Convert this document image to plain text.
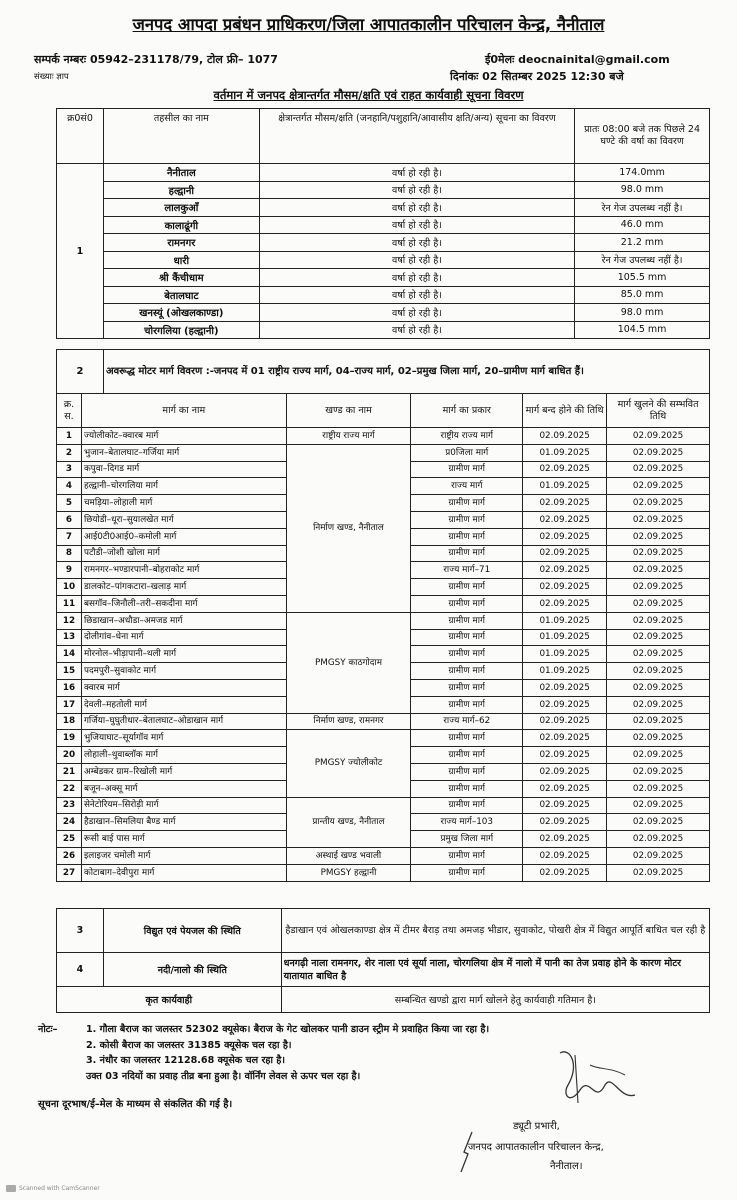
जनपद आपदा प्रबंधन प्राधिकरण/जिला आपातकालीन परिचालन केन्द्र, नैनीताल
सम्पर्क नम्बरः 05942–231178/79, टोल फ्री– 1077	ई0मेलः deocnainital@gmail.com
संख्याः ज्ञाप	दिनांकः 02 सितम्बर 2025 12:30 बजे
वर्तमान में जनपद क्षेत्रान्तर्गत मौसम/क्षति एवं राहत कार्यवाही सूचना विवरण
क्र0सं0	तहसील का नाम	क्षेत्रान्तर्गत मौसम/क्षति (जनहानि/पशुहानि/आवासीय क्षति/अन्य) सूचना का विवरण	प्रातः 08:00 बजे तक पिछले 24 घण्टे की वर्षा का विवरण
1	नैनीताल	वर्षा हो रही है।	174.0mm
	हल्द्वानी	वर्षा हो रही है।	98.0 mm
	लालकुऑं	वर्षा हो रही है।	रेन गेज उपलब्ध नहीं है।
	कालाढूंगी	वर्षा हो रही है।	46.0 mm
	रामनगर	वर्षा हो रही है।	21.2 mm
	धारी	वर्षा हो रही है।	रेन गेज उपलब्ध नहीं है।
	श्री कैंचीधाम	वर्षा हो रही है।	105.5 mm
	बेतालघाट	वर्षा हो रही है।	85.0 mm
	खनस्यूं (ओखलकाण्डा)	वर्षा हो रही है।	98.0 mm
	चोरगलिया (हल्द्वानी)	वर्षा हो रही है।	104.5 mm
2	अवरूद्ध मोटर मार्ग विवरण :-जनपद में 01 राष्ट्रीय राज्य मार्ग, 04–राज्य मार्ग, 02–प्रमुख जिला मार्ग, 20–ग्रामीण मार्ग बाधित हैं।
क्र. स.	मार्ग का नाम	खण्ड का नाम	मार्ग का प्रकार	मार्ग बन्द होने की तिथि	मार्ग खुलने की सम्भवित तिथि
1	ज्योलीकोट–क्वारब मार्ग	राष्ट्रीय राज्य मार्ग	राष्ट्रीय राज्य मार्ग	02.09.2025	02.09.2025
2	भुजान–बेतालघाट–गर्जिया मार्ग	निर्माण खण्ड, नैनीताल	प्र0जिला मार्ग	01.09.2025	02.09.2025
3	कपुवा–दिगड मार्ग		ग्रामीण मार्ग	02.09.2025	02.09.2025
4	हल्द्वानी–चोरगलिया मार्ग		राज्य मार्ग	01.09.2025	02.09.2025
5	चमड़िया–लोहाली मार्ग		ग्रामीण मार्ग	02.09.2025	02.09.2025
6	छियोडी–धूरा–सुयालखेत मार्ग		ग्रामीण मार्ग	02.09.2025	02.09.2025
7	आई0टी0आई0–कमोली मार्ग		ग्रामीण मार्ग	02.09.2025	02.09.2025
8	पटौडी–जोशी खोला मार्ग		ग्रामीण मार्ग	02.09.2025	02.09.2025
9	रामनगर–भण्डारपानी–बोहराकोट मार्ग		राज्य मार्ग–71	02.09.2025	02.09.2025
10	डालकोट–पांगकटारा–खलाड़ मार्ग		ग्रामीण मार्ग	02.09.2025	02.09.2025
11	बसगॉव–जिनौली–तरी–सकदीना मार्ग		ग्रामीण मार्ग	02.09.2025	02.09.2025
12	छिडाखान–अधौडा–अमजड मार्ग	PMGSY काठगोदाम	ग्रामीण मार्ग	01.09.2025	02.09.2025
13	दोलीगांव–धेना मार्ग		ग्रामीण मार्ग	01.09.2025	02.09.2025
14	मोरनोल–भीड़ापानी–थली मार्ग		ग्रामीण मार्ग	01.09.2025	02.09.2025
15	पदमपुरी–सुवाकोट मार्ग		ग्रामीण मार्ग	01.09.2025	02.09.2025
16	क्वारब मार्ग		ग्रामीण मार्ग	02.09.2025	02.09.2025
17	देवली–महतोली मार्ग		ग्रामीण मार्ग	02.09.2025	02.09.2025
18	गर्जिया–घुघुतीधार–बेतालघाट–ओडाखान मार्ग	निर्माण खण्ड, रामनगर	राज्य मार्ग–62	02.09.2025	02.09.2025
19	भुजियाघाट–सूर्यागॉव मार्ग	PMGSY ज्योलीकोट	ग्रामीण मार्ग	02.09.2025	02.09.2025
20	लोहाली–थुवाब्लॉक मार्ग		ग्रामीण मार्ग	02.09.2025	02.09.2025
21	अम्बेडकर ग्राम–रिखोली मार्ग		ग्रामीण मार्ग	02.09.2025	02.09.2025
22	बजून–अक्सू मार्ग		ग्रामीण मार्ग	02.09.2025	02.09.2025
23	सेनेटोरियम–सिरोड़ी मार्ग	प्रान्तीय खण्ड, नैनीताल	ग्रामीण मार्ग	02.09.2025	02.09.2025
24	हैडाखान–सिमलिया बैण्ड मार्ग		राज्य मार्ग–103	02.09.2025	02.09.2025
25	रूसी बाई पास मार्ग		प्रमुख जिला मार्ग	02.09.2025	02.09.2025
26	इलाइजर चमोली मार्ग	अस्थाई खण्ड भवाली	ग्रामीण मार्ग	02.09.2025	02.09.2025
27	कोटाबाग–देवीपुरा मार्ग	PMGSY हल्द्वानी	ग्रामीण मार्ग	02.09.2025	02.09.2025
3	विद्युत एवं पेयजल की स्थिति	हैडाखान एवं ओखलकाण्डा क्षेत्र में टीमर बैराड़ तथा अमजड़ भीडार, सुवाकोट, पोखरी क्षेत्र में विद्युत आपूर्ति बाधित चल रही है
4	नदी/नालो की स्थिति	धनगढ़ी नाला रामनगर, शेर नाला एवं सूर्या नाला, चोरगलिया क्षेत्र में नालो में पानी का तेज प्रवाह होने के कारण मोटर यातायात बाधित है
कृत कार्यवाही		सम्बन्धित खण्डो द्वारा मार्ग खोलने हेतु कार्यवाही गतिमान है।
नोटः–	1. गौला बैराज का जलस्तर 52302 क्यूसेक। बैराज के गेट खोलकर पानी डाउन स्ट्रीम मे प्रवाहित किया जा रहा है।
2. कोसी बैराज का जलस्तर 31385 क्यूसेक चल रहा है।
3. नंधौर का जलस्तर 12128.68 क्यूसेक चल रहा है।
उक्त 03 नदियों का प्रवाह तीव्र बना हुआ है। वॉर्निंग लेवल से ऊपर चल रहा है।
सूचना दूरभाष/ई–मेल के माध्यम से संकलित की गई है।
ड्यूटी प्रभारी,
जनपद आपातकालीन परिचालन केन्द्र,
नैनीताल।
Scanned with CamScanner
